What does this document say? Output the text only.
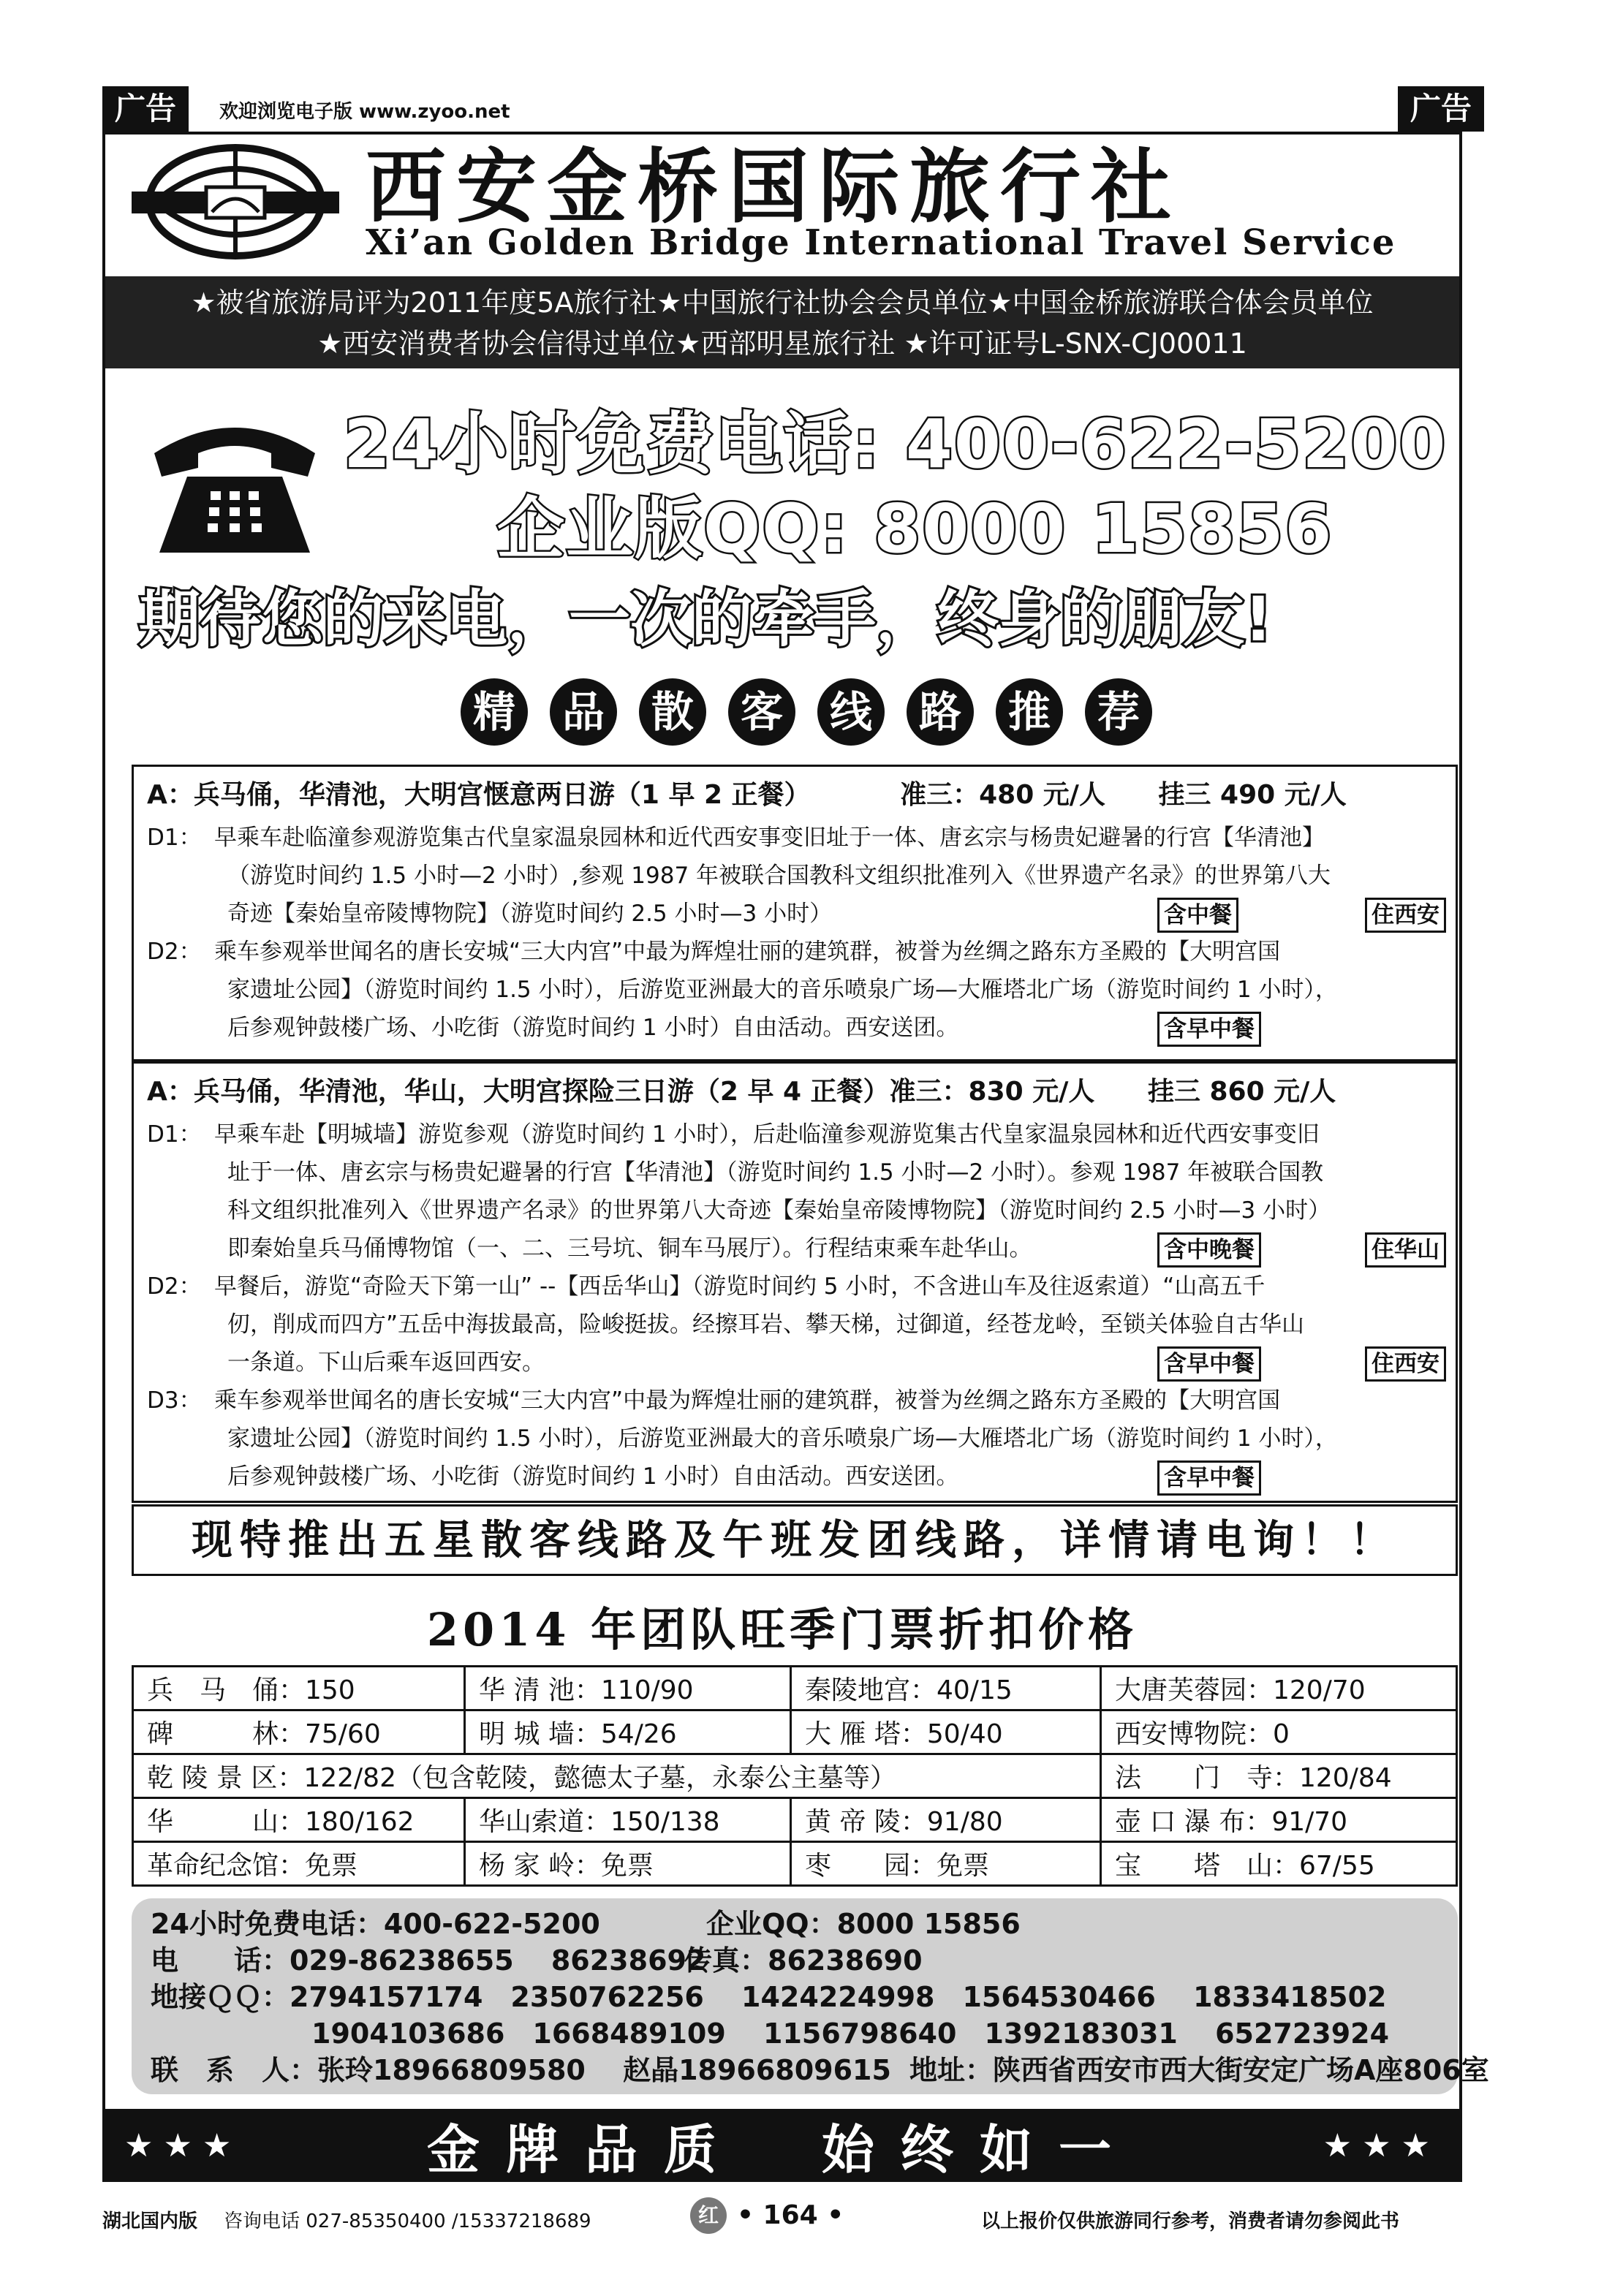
广告	欢迎浏览电子版 www.zyoo.net	广告
西安金桥国际旅行社
Xi’an Golden Bridge International Travel Service
★被省旅游局评为2011年度5A旅行社★中国旅行社协会会员单位★中国金桥旅游联合体会员单位
★西安消费者协会信得过单位★西部明星旅行社 ★许可证号L-SNX-CJ00011
24小时免费电话: 400-622-5200
企业版QQ: 8000 15856
期待您的来电，一次的牵手，终身的朋友!
精 品 散 客 线 路 推 荐
A：兵马俑，华清池，大明宫惬意两日游（1 早 2 正餐）	准三：480 元/人 挂三 490 元/人
D1： 早乘车赴临潼参观游览集古代皇家温泉园林和近代西安事变旧址于一体、唐玄宗与杨贵妃避暑的行宫【华清池】
（游览时间约 1.5 小时—2 小时）,参观 1987 年被联合国教科文组织批准列入《世界遗产名录》的世界第八大
奇迹【秦始皇帝陵博物院】（游览时间约 2.5 小时—3 小时）	含中餐	住西安
D2： 乘车参观举世闻名的唐长安城“三大内宫”中最为辉煌壮丽的建筑群，被誉为丝绸之路东方圣殿的【大明宫国
家遗址公园】（游览时间约 1.5 小时），后游览亚洲最大的音乐喷泉广场—大雁塔北广场（游览时间约 1 小时），
后参观钟鼓楼广场、小吃街（游览时间约 1 小时）自由活动。西安送团。	含早中餐
A：兵马俑，华清池，华山，大明宫探险三日游（2 早 4 正餐）准三：830 元/人 挂三 860 元/人
D1： 早乘车赴【明城墙】游览参观（游览时间约 1 小时），后赴临潼参观游览集古代皇家温泉园林和近代西安事变旧
址于一体、唐玄宗与杨贵妃避暑的行宫【华清池】（游览时间约 1.5 小时—2 小时）。参观 1987 年被联合国教
科文组织批准列入《世界遗产名录》的世界第八大奇迹【秦始皇帝陵博物院】（游览时间约 2.5 小时—3 小时）
即秦始皇兵马俑博物馆（一、二、三号坑、铜车马展厅）。行程结束乘车赴华山。	含中晚餐	住华山
D2： 早餐后，游览“奇险天下第一山” --【西岳华山】（游览时间约 5 小时，不含进山车及往返索道）“山高五千
仞，削成而四方”五岳中海拔最高，险峻挺拔。经擦耳岩、攀天梯，过御道，经苍龙岭，至锁关体验自古华山
一条道。下山后乘车返回西安。	含早中餐	住西安
D3： 乘车参观举世闻名的唐长安城“三大内宫”中最为辉煌壮丽的建筑群，被誉为丝绸之路东方圣殿的【大明宫国
家遗址公园】（游览时间约 1.5 小时），后游览亚洲最大的音乐喷泉广场—大雁塔北广场（游览时间约 1 小时），
后参观钟鼓楼广场、小吃街（游览时间约 1 小时）自由活动。西安送团。	含早中餐
现特推出五星散客线路及午班发团线路，详情请电询！！
2014 年团队旺季门票折扣价格
兵　马　俑：150	华 清 池：110/90	秦陵地宫：40/15	大唐芙蓉园：120/70
碑　　　林：75/60	明 城 墙：54/26	大 雁 塔：50/40	西安博物院：0
乾 陵 景 区：122/82（包含乾陵，懿德太子墓，永泰公主墓等）			法　　门　寺：120/84
华　　　山：180/162	华山索道：150/138	黄 帝 陵：91/80	壶 口 瀑 布：91/70
革命纪念馆：免票	杨 家 岭：免票	枣　　园：免票	宝　　塔　山：67/55
24小时免费电话：400-622-5200	企业QQ：8000 15856
电　　话：029-86238655　 86238692传真：86238690
地接ＱＱ：2794157174　2350762256　 1424224998　1564530466　 1833418502
1904103686　1668489109　 1156798640　1392183031　 652723924
联　系　人：张玲18966809580　 赵晶18966809615 地址：陕西省西安市西大街安定广场A座806室
★★★	金牌品质　始终如一	★★★
湖北国内版 咨询电话 027-85350400 /15337218689	红 • 164 •	以上报价仅供旅游同行参考，消费者请勿参阅此书
